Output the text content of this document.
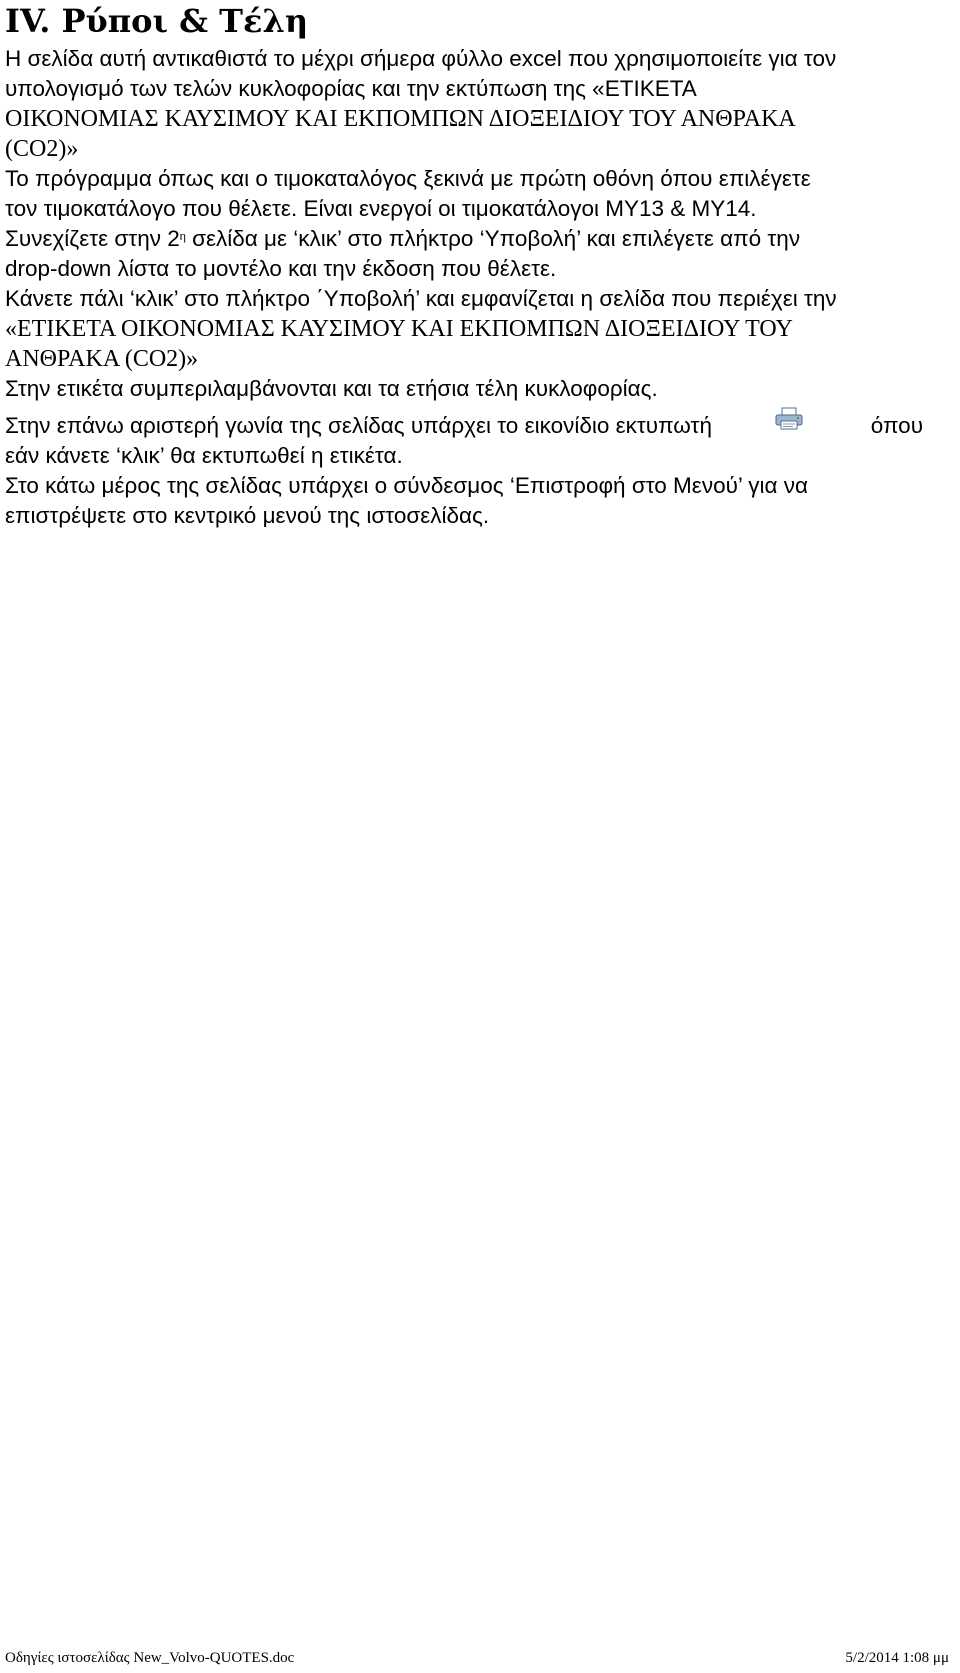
IV. Ρύποι & Τέλη

Η σελίδα αυτή αντικαθιστά το μέχρι σήμερα φύλλο excel που χρησιμοποιείτε για τον
υπολογισμό των τελών κυκλοφορίας και την εκτύπωση της «ΕΤΙΚΕΤΑ
ΟΙΚΟΝΟΜΙΑΣ ΚΑΥΣΙΜΟΥ ΚΑΙ ΕΚΠΟΜΠΩΝ ΔΙΟΞΕΙΔΙΟΥ ΤΟΥ ΑΝΘΡΑΚΑ
(CO2)»

Το πρόγραμμα όπως και ο τιμοκαταλόγος ξεκινά με πρώτη οθόνη όπου επιλέγετε
τον τιμοκατάλογο που θέλετε. Είναι ενεργοί οι τιμοκατάλογοι MY13 & MY14.

Συνεχίζετε στην $2^\eta$ σελίδα με ‘κλικ’ στο πλήκτρο ‘Υποβολή’ και επιλέγετε από την
drop-down λίστα το μοντέλο και την έκδοση που θέλετε.

Κάνετε πάλι ‘κλικ’ στο πλήκτρο ΄Υποβολή’ και εμφανίζεται η σελίδα που περιέχει την
«ΕΤΙΚΕΤΑ ΟΙΚΟΝΟΜΙΑΣ ΚΑΥΣΙΜΟΥ ΚΑΙ ΕΚΠΟΜΠΩΝ ΔΙΟΞΕΙΔΙΟΥ ΤΟΥ
ΑΝΘΡΑΚΑ (CO2)»
Στην ετικέτα συμπεριλαμβάνονται και τα ετήσια τέλη κυκλοφορίας.

Στην επάνω αριστερή γωνία της σελίδας υπάρχει το εικονίδιο εκτυπωτή	όπου
εάν κάνετε ‘κλικ’ θα εκτυπωθεί η ετικέτα.

Στο κάτω μέρος της σελίδας υπάρχει ο σύνδεσμος ‘Επιστροφή στο Μενού’ για να
επιστρέψετε στο κεντρικό μενού της ιστοσελίδας.

Οδηγίες ιστοσελίδας New_Volvo-QUOTES.doc	5/2/2014 1:08 μμ
